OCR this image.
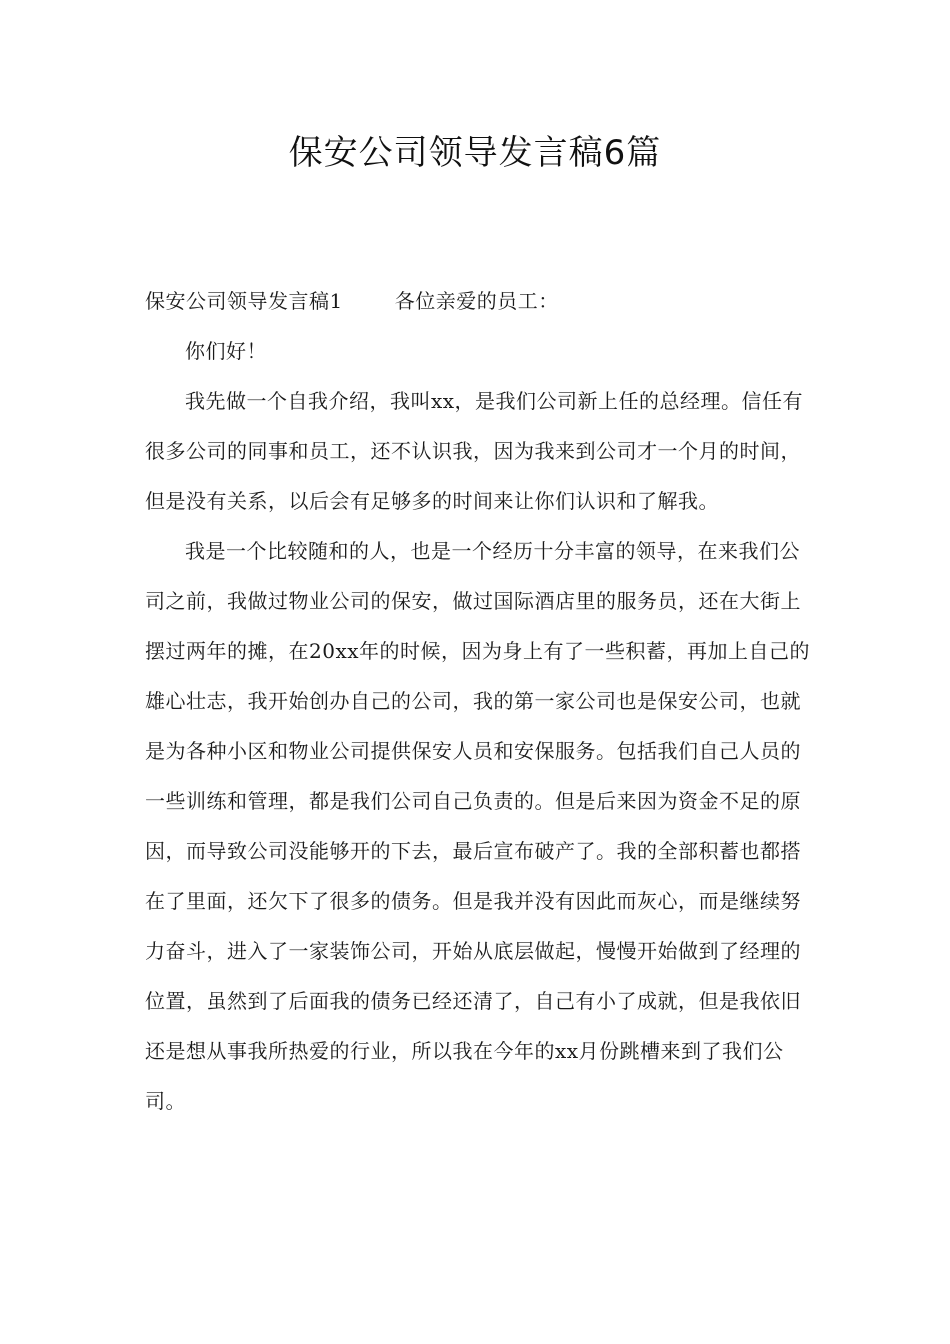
保安公司领导发言稿6篇

保安公司领导发言稿1	各位亲爱的员工：

你们好！

我先做一个自我介绍，我叫xx，是我们公司新上任的总经理。信任有很多公司的同事和员工，还不认识我，因为我来到公司才一个月的时间，但是没有关系，以后会有足够多的时间来让你们认识和了解我。

我是一个比较随和的人，也是一个经历十分丰富的领导，在来我们公司之前，我做过物业公司的保安，做过国际酒店里的服务员，还在大街上摆过两年的摊，在20xx年的时候，因为身上有了一些积蓄，再加上自己的雄心壮志，我开始创办自己的公司，我的第一家公司也是保安公司，也就是为各种小区和物业公司提供保安人员和安保服务。包括我们自己人员的一些训练和管理，都是我们公司自己负责的。但是后来因为资金不足的原因，而导致公司没能够开的下去，最后宣布破产了。我的全部积蓄也都搭在了里面，还欠下了很多的债务。但是我并没有因此而灰心，而是继续努力奋斗，进入了一家装饰公司，开始从底层做起，慢慢开始做到了经理的位置，虽然到了后面我的债务已经还清了，自己有小了成就，但是我依旧还是想从事我所热爱的行业，所以我在今年的xx月份跳槽来到了我们公司。
